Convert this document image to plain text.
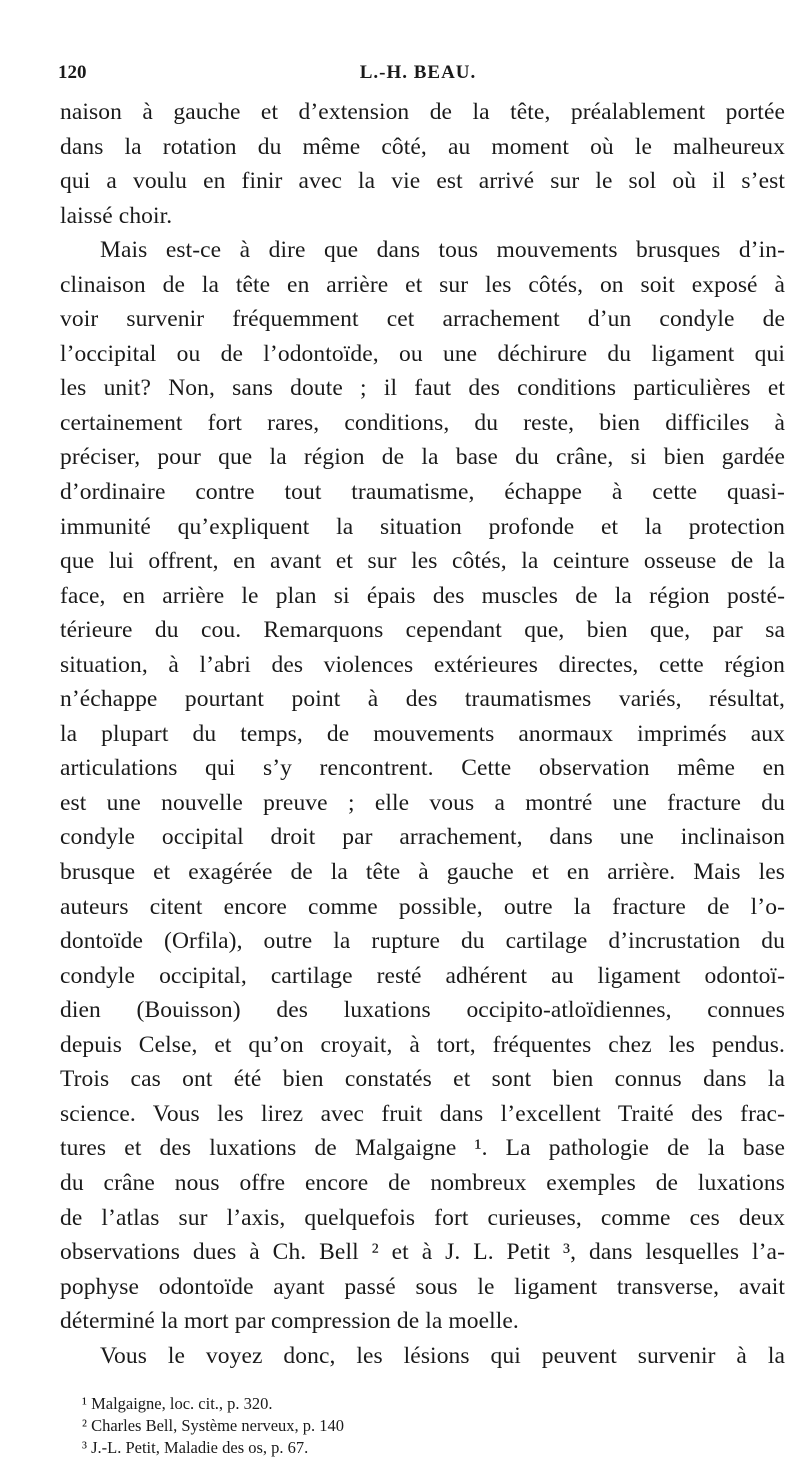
120	L.-H. BEAU.
naison à gauche et d’extension de la tête, préalablement portée
dans la rotation du même côté, au moment où le malheureux
qui a voulu en finir avec la vie est arrivé sur le sol où il s’est
laissé choir.
Mais est-ce à dire que dans tous mouvements brusques d’in-
clinaison de la tête en arrière et sur les côtés, on soit exposé à
voir survenir fréquemment cet arrachement d’un condyle de
l’occipital ou de l’odontoïde, ou une déchirure du ligament qui
les unit? Non, sans doute ; il faut des conditions particulières et
certainement fort rares, conditions, du reste, bien difficiles à
préciser, pour que la région de la base du crâne, si bien gardée
d’ordinaire contre tout traumatisme, échappe à cette quasi-
immunité qu’expliquent la situation profonde et la protection
que lui offrent, en avant et sur les côtés, la ceinture osseuse de la
face, en arrière le plan si épais des muscles de la région posté-
térieure du cou. Remarquons cependant que, bien que, par sa
situation, à l’abri des violences extérieures directes, cette région
n’échappe pourtant point à des traumatismes variés, résultat,
la plupart du temps, de mouvements anormaux imprimés aux
articulations qui s’y rencontrent. Cette observation même en
est une nouvelle preuve ; elle vous a montré une fracture du
condyle occipital droit par arrachement, dans une inclinaison
brusque et exagérée de la tête à gauche et en arrière. Mais les
auteurs citent encore comme possible, outre la fracture de l’o-
dontoïde (Orfila), outre la rupture du cartilage d’incrustation du
condyle occipital, cartilage resté adhérent au ligament odontoï-
dien (Bouisson) des luxations occipito-atloïdiennes, connues
depuis Celse, et qu’on croyait, à tort, fréquentes chez les pendus.
Trois cas ont été bien constatés et sont bien connus dans la
science. Vous les lirez avec fruit dans l’excellent Traité des frac-
tures et des luxations de Malgaigne ¹. La pathologie de la base
du crâne nous offre encore de nombreux exemples de luxations
de l’atlas sur l’axis, quelquefois fort curieuses, comme ces deux
observations dues à Ch. Bell ² et à J. L. Petit ³, dans lesquelles l’a-
pophyse odontoïde ayant passé sous le ligament transverse, avait
déterminé la mort par compression de la moelle.
Vous le voyez donc, les lésions qui peuvent survenir à la
¹ Malgaigne, loc. cit., p. 320.
² Charles Bell, Système nerveux, p. 140
³ J.-L. Petit, Maladie des os, p. 67.
